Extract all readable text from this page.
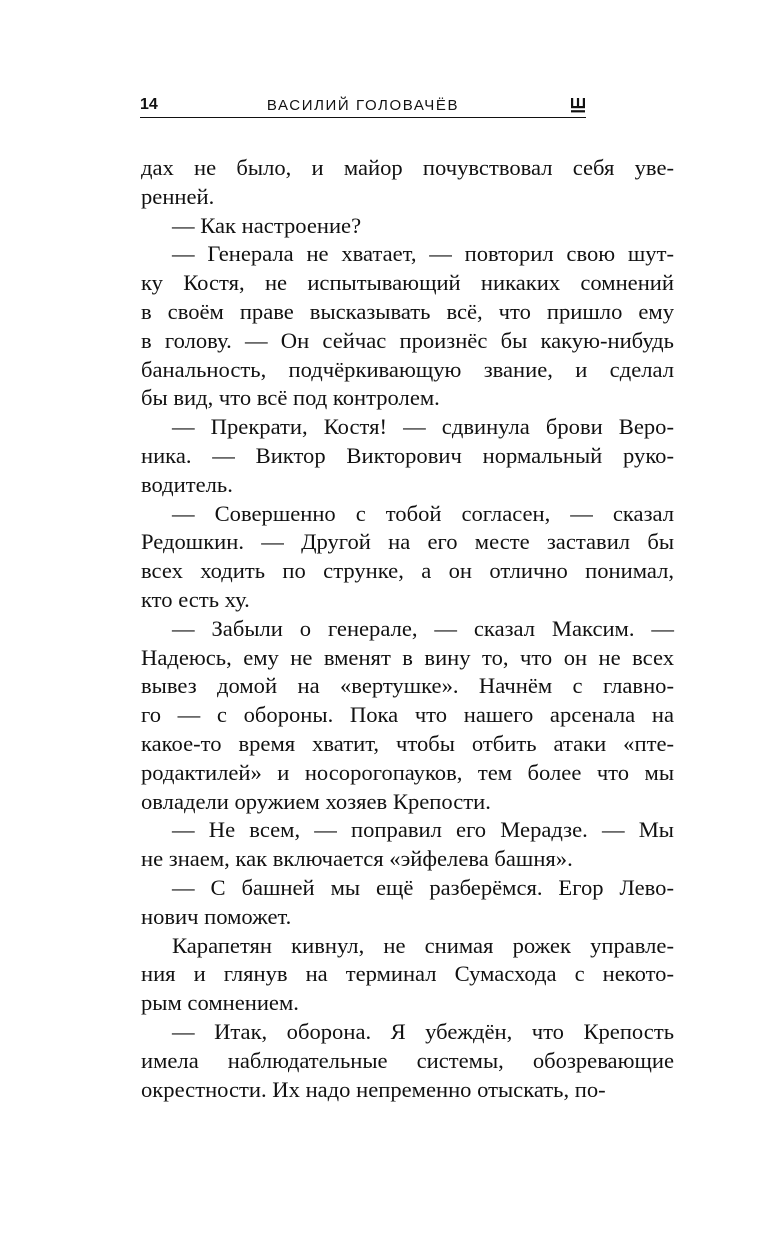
14	ВАСИЛИЙ ГОЛОВАЧЁВ

дах не было, и майор почувствовал себя уве-
ренней.

— Как настроение?

— Генерала не хватает, — повторил свою шут-
ку Костя, не испытывающий никаких сомнений
в своём праве высказывать всё, что пришло ему
в голову. — Он сейчас произнёс бы какую-нибудь
банальность, подчёркивающую звание, и сделал
бы вид, что всё под контролем.

— Прекрати, Костя! — сдвинула брови Веро-
ника. — Виктор Викторович нормальный руко-
водитель.

— Совершенно с тобой согласен, — сказал
Редошкин. — Другой на его месте заставил бы
всех ходить по струнке, а он отлично понимал,
кто есть ху.

— Забыли о генерале, — сказал Максим. —
Надеюсь, ему не вменят в вину то, что он не всех
вывез домой на «вертушке». Начнём с главно-
го — с обороны. Пока что нашего арсенала на
какое-то время хватит, чтобы отбить атаки «пте-
родактилей» и носорогопауков, тем более что мы
овладели оружием хозяев Крепости.

— Не всем, — поправил его Мерадзе. — Мы
не знаем, как включается «эйфелева башня».

— С башней мы ещё разберёмся. Егор Лево-
нович поможет.

Карапетян кивнул, не снимая рожек управле-
ния и глянув на терминал Сумасхода с некото-
рым сомнением.

— Итак, оборона. Я убеждён, что Крепость
имела наблюдательные системы, обозревающие
окрестности. Их надо непременно отыскать, по-
